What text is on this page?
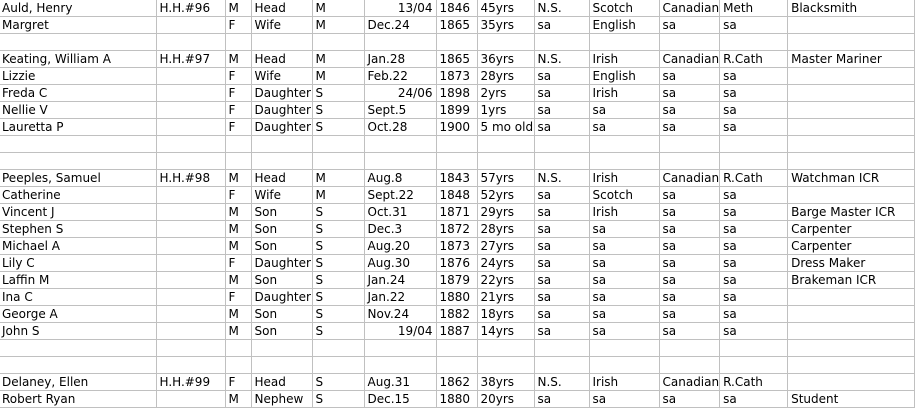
Auld, Henry	H.H.#96	M	Head	M	13/04	1846	45yrs	N.S.	Scotch	Canadian	Meth	Blacksmith
Margret		F	Wife	M	Dec.24	1865	35yrs	sa	English	sa	sa	

Keating, William A	H.H.#97	M	Head	M	Jan.28	1865	36yrs	N.S.	Irish	Canadian	R.Cath	Master Mariner
Lizzie		F	Wife	M	Feb.22	1873	28yrs	sa	English	sa	sa	
Freda C		F	Daughter	S	24/06	1898	2yrs	sa	Irish	sa	sa	
Nellie V		F	Daughter	S	Sept.5	1899	1yrs	sa	sa	sa	sa	
Lauretta P		F	Daughter	S	Oct.28	1900	5 mo old	sa	sa	sa	sa	

Peeples, Samuel	H.H.#98	M	Head	M	Aug.8	1843	57yrs	N.S.	Irish	Canadian	R.Cath	Watchman ICR
Catherine		F	Wife	M	Sept.22	1848	52yrs	sa	Scotch	sa	sa	
Vincent J		M	Son	S	Oct.31	1871	29yrs	sa	Irish	sa	sa	Barge Master ICR
Stephen S		M	Son	S	Dec.3	1872	28yrs	sa	sa	sa	sa	Carpenter
Michael A		M	Son	S	Aug.20	1873	27yrs	sa	sa	sa	sa	Carpenter
Lily C		F	Daughter	S	Aug.30	1876	24yrs	sa	sa	sa	sa	Dress Maker
Laffin M		M	Son	S	Jan.24	1879	22yrs	sa	sa	sa	sa	Brakeman ICR
Ina C		F	Daughter	S	Jan.22	1880	21yrs	sa	sa	sa	sa	
George A		M	Son	S	Nov.24	1882	18yrs	sa	sa	sa	sa	
John S		M	Son	S	19/04	1887	14yrs	sa	sa	sa	sa	

Delaney, Ellen	H.H.#99	F	Head	S	Aug.31	1862	38yrs	N.S.	Irish	Canadian	R.Cath	
Robert Ryan		M	Nephew	S	Dec.15	1880	20yrs	sa	sa	sa	sa	Student
